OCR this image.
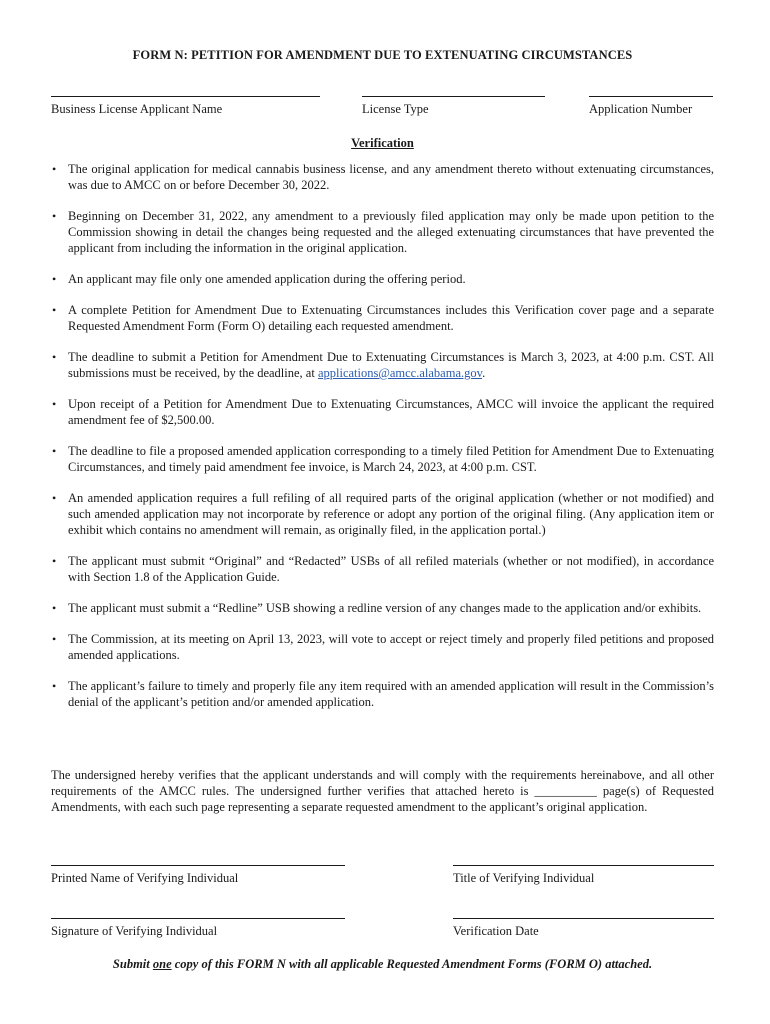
FORM N: PETITION FOR AMENDMENT DUE TO EXTENUATING CIRCUMSTANCES
Business License Applicant Name	License Type	Application Number
Verification
• The original application for medical cannabis business license, and any amendment thereto without extenuating circumstances, was due to AMCC on or before December 30, 2022.
• Beginning on December 31, 2022, any amendment to a previously filed application may only be made upon petition to the Commission showing in detail the changes being requested and the alleged extenuating circumstances that have prevented the applicant from including the information in the original application.
• An applicant may file only one amended application during the offering period.
• A complete Petition for Amendment Due to Extenuating Circumstances includes this Verification cover page and a separate Requested Amendment Form (Form O) detailing each requested amendment.
• The deadline to submit a Petition for Amendment Due to Extenuating Circumstances is March 3, 2023, at 4:00 p.m. CST. All submissions must be received, by the deadline, at applications@amcc.alabama.gov.
• Upon receipt of a Petition for Amendment Due to Extenuating Circumstances, AMCC will invoice the applicant the required amendment fee of $2,500.00.
• The deadline to file a proposed amended application corresponding to a timely filed Petition for Amendment Due to Extenuating Circumstances, and timely paid amendment fee invoice, is March 24, 2023, at 4:00 p.m. CST.
• An amended application requires a full refiling of all required parts of the original application (whether or not modified) and such amended application may not incorporate by reference or adopt any portion of the original filing. (Any application item or exhibit which contains no amendment will remain, as originally filed, in the application portal.)
• The applicant must submit “Original” and “Redacted” USBs of all refiled materials (whether or not modified), in accordance with Section 1.8 of the Application Guide.
• The applicant must submit a “Redline” USB showing a redline version of any changes made to the application and/or exhibits.
• The Commission, at its meeting on April 13, 2023, will vote to accept or reject timely and properly filed petitions and proposed amended applications.
• The applicant’s failure to timely and properly file any item required with an amended application will result in the Commission’s denial of the applicant’s petition and/or amended application.
The undersigned hereby verifies that the applicant understands and will comply with the requirements hereinabove, and all other requirements of the AMCC rules. The undersigned further verifies that attached hereto is __________ page(s) of Requested Amendments, with each such page representing a separate requested amendment to the applicant’s original application.
Printed Name of Verifying Individual	Title of Verifying Individual
Signature of Verifying Individual	Verification Date
Submit one copy of this FORM N with all applicable Requested Amendment Forms (FORM O) attached.
